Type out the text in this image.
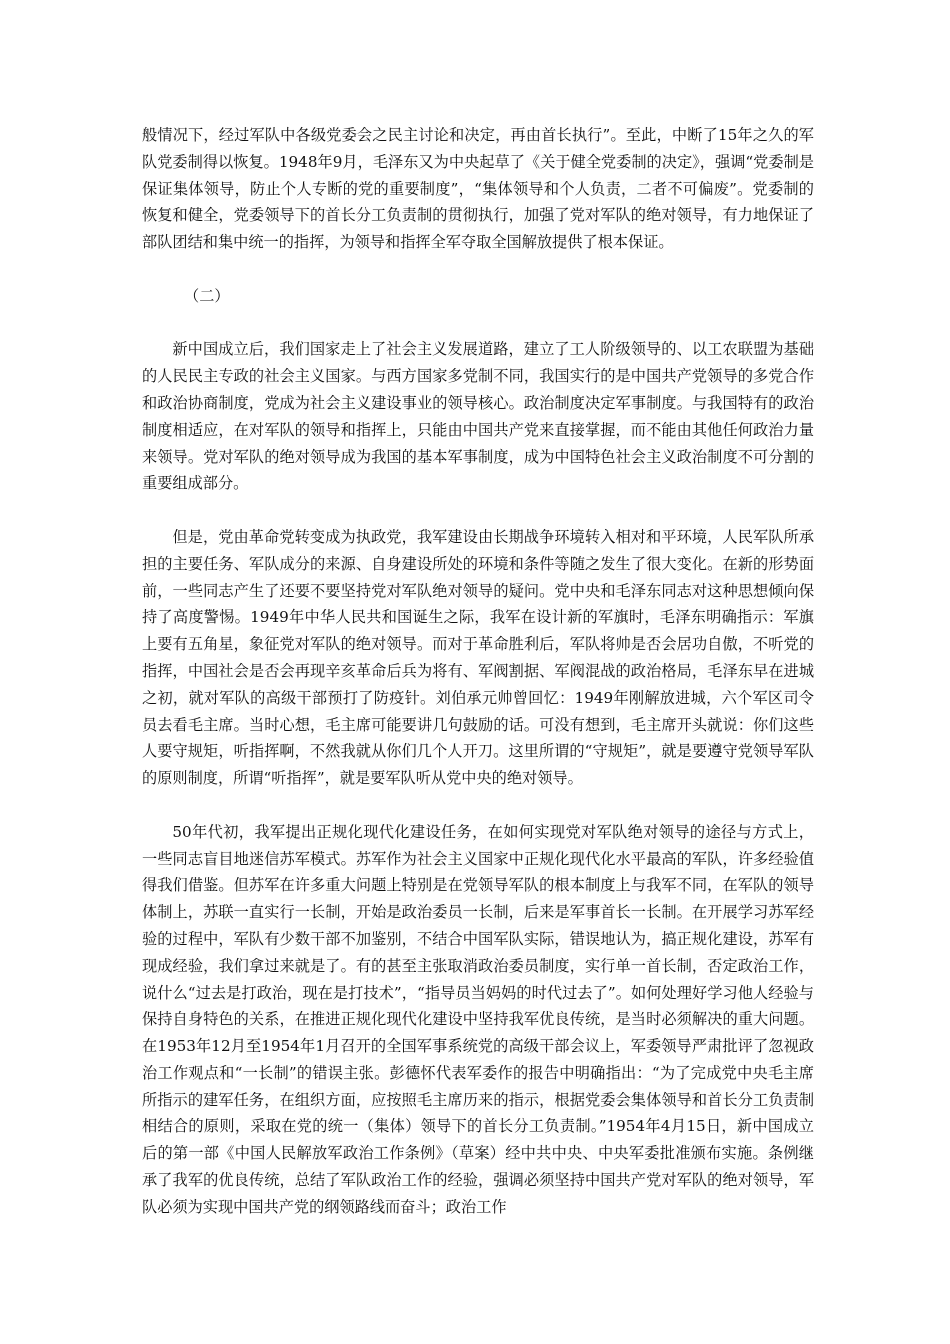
般情况下，经过军队中各级党委会之民主讨论和决定，再由首长执行”。至此，中断了15年之久的军队党委制得以恢复。1948年9月，毛泽东又为中央起草了《关于健全党委制的决定》，强调“党委制是保证集体领导，防止个人专断的党的重要制度”，“集体领导和个人负责，二者不可偏废”。党委制的恢复和健全，党委领导下的首长分工负责制的贯彻执行，加强了党对军队的绝对领导，有力地保证了部队团结和集中统一的指挥，为领导和指挥全军夺取全国解放提供了根本保证。

（二）

新中国成立后，我们国家走上了社会主义发展道路，建立了工人阶级领导的、以工农联盟为基础的人民民主专政的社会主义国家。与西方国家多党制不同，我国实行的是中国共产党领导的多党合作和政治协商制度，党成为社会主义建设事业的领导核心。政治制度决定军事制度。与我国特有的政治制度相适应，在对军队的领导和指挥上，只能由中国共产党来直接掌握，而不能由其他任何政治力量来领导。党对军队的绝对领导成为我国的基本军事制度，成为中国特色社会主义政治制度不可分割的重要组成部分。

但是，党由革命党转变成为执政党，我军建设由长期战争环境转入相对和平环境，人民军队所承担的主要任务、军队成分的来源、自身建设所处的环境和条件等随之发生了很大变化。在新的形势面前，一些同志产生了还要不要坚持党对军队绝对领导的疑问。党中央和毛泽东同志对这种思想倾向保持了高度警惕。1949年中华人民共和国诞生之际，我军在设计新的军旗时，毛泽东明确指示：军旗上要有五角星，象征党对军队的绝对领导。而对于革命胜利后，军队将帅是否会居功自傲，不听党的指挥，中国社会是否会再现辛亥革命后兵为将有、军阀割据、军阀混战的政治格局，毛泽东早在进城之初，就对军队的高级干部预打了防疫针。刘伯承元帅曾回忆：1949年刚解放进城，六个军区司令员去看毛主席。当时心想，毛主席可能要讲几句鼓励的话。可没有想到，毛主席开头就说：你们这些人要守规矩，听指挥啊，不然我就从你们几个人开刀。这里所谓的“守规矩”，就是要遵守党领导军队的原则制度，所谓“听指挥”，就是要军队听从党中央的绝对领导。

50年代初，我军提出正规化现代化建设任务，在如何实现党对军队绝对领导的途径与方式上，一些同志盲目地迷信苏军模式。苏军作为社会主义国家中正规化现代化水平最高的军队，许多经验值得我们借鉴。但苏军在许多重大问题上特别是在党领导军队的根本制度上与我军不同，在军队的领导体制上，苏联一直实行一长制，开始是政治委员一长制，后来是军事首长一长制。在开展学习苏军经验的过程中，军队有少数干部不加鉴别，不结合中国军队实际，错误地认为，搞正规化建设，苏军有现成经验，我们拿过来就是了。有的甚至主张取消政治委员制度，实行单一首长制，否定政治工作，说什么“过去是打政治，现在是打技术”，“指导员当妈妈的时代过去了”。如何处理好学习他人经验与保持自身特色的关系，在推进正规化现代化建设中坚持我军优良传统，是当时必须解决的重大问题。在1953年12月至1954年1月召开的全国军事系统党的高级干部会议上，军委领导严肃批评了忽视政治工作观点和“一长制”的错误主张。彭德怀代表军委作的报告中明确指出：“为了完成党中央毛主席所指示的建军任务，在组织方面，应按照毛主席历来的指示，根据党委会集体领导和首长分工负责制相结合的原则，采取在党的统一（集体）领导下的首长分工负责制。”1954年4月15日，新中国成立后的第一部《中国人民解放军政治工作条例》（草案）经中共中央、中央军委批准颁布实施。条例继承了我军的优良传统，总结了军队政治工作的经验，强调必须坚持中国共产党对军队的绝对领导，军队必须为实现中国共产党的纲领路线而奋斗；政治工作
